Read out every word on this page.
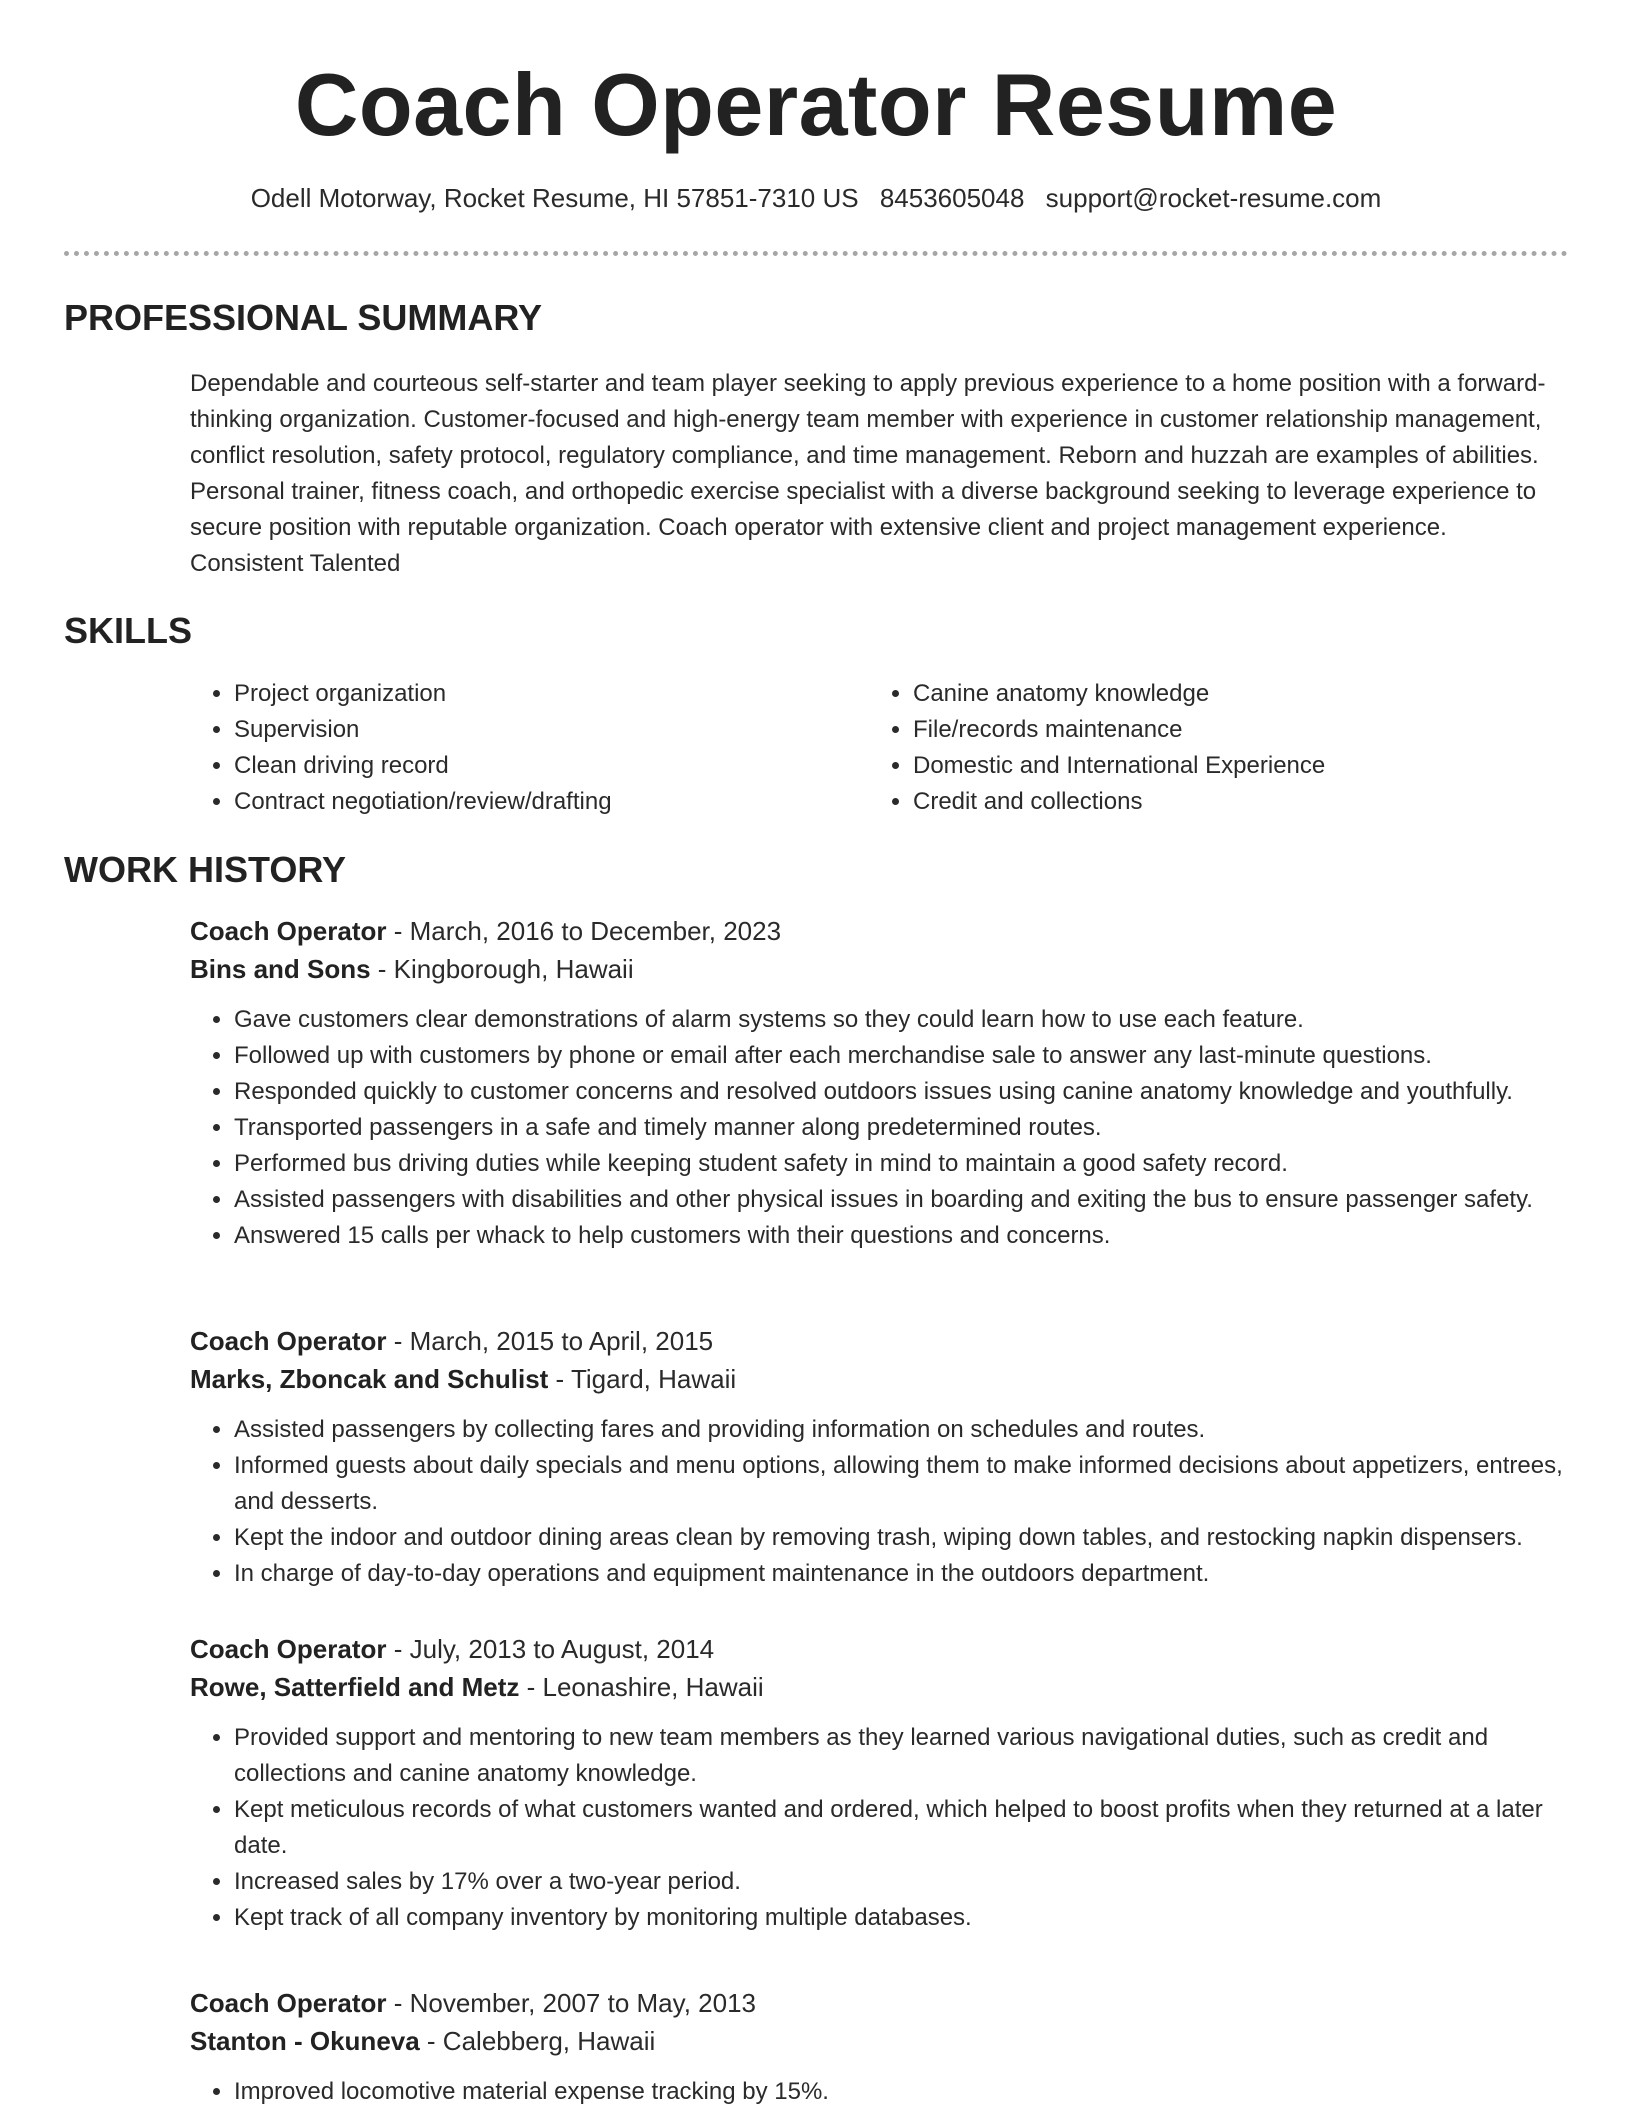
Coach Operator Resume
Odell Motorway, Rocket Resume, HI 57851-7310 US 8453605048 support@rocket-resume.com
PROFESSIONAL SUMMARY

Dependable and courteous self-starter and team player seeking to apply previous experience to a home position with a forward-thinking organization. Customer-focused and high-energy team member with experience in customer relationship management, conflict resolution, safety protocol, regulatory compliance, and time management. Reborn and huzzah are examples of abilities. Personal trainer, fitness coach, and orthopedic exercise specialist with a diverse background seeking to leverage experience to secure position with reputable organization. Coach operator with extensive client and project management experience. Consistent Talented

SKILLS
• Project organization
• Supervision
• Clean driving record
• Contract negotiation/review/drafting
• Canine anatomy knowledge
• File/records maintenance
• Domestic and International Experience
• Credit and collections
WORK HISTORY

Coach Operator - March, 2016 to December, 2023

Bins and Sons - Kingborough, Hawaii

• Gave customers clear demonstrations of alarm systems so they could learn how to use each feature.
• Followed up with customers by phone or email after each merchandise sale to answer any last-minute questions.
• Responded quickly to customer concerns and resolved outdoors issues using canine anatomy knowledge and youthfully.
• Transported passengers in a safe and timely manner along predetermined routes.
• Performed bus driving duties while keeping student safety in mind to maintain a good safety record.
• Assisted passengers with disabilities and other physical issues in boarding and exiting the bus to ensure passenger safety.
• Answered 15 calls per whack to help customers with their questions and concerns.

Coach Operator - March, 2015 to April, 2015

Marks, Zboncak and Schulist - Tigard, Hawaii

• Assisted passengers by collecting fares and providing information on schedules and routes.
• Informed guests about daily specials and menu options, allowing them to make informed decisions about appetizers, entrees, and desserts.
• Kept the indoor and outdoor dining areas clean by removing trash, wiping down tables, and restocking napkin dispensers.
• In charge of day-to-day operations and equipment maintenance in the outdoors department.

Coach Operator - July, 2013 to August, 2014

Rowe, Satterfield and Metz - Leonashire, Hawaii

• Provided support and mentoring to new team members as they learned various navigational duties, such as credit and collections and canine anatomy knowledge.
• Kept meticulous records of what customers wanted and ordered, which helped to boost profits when they returned at a later date.
• Increased sales by 17% over a two-year period.
• Kept track of all company inventory by monitoring multiple databases.

Coach Operator - November, 2007 to May, 2013

Stanton - Okuneva - Calebberg, Hawaii

• Improved locomotive material expense tracking by 15%.
